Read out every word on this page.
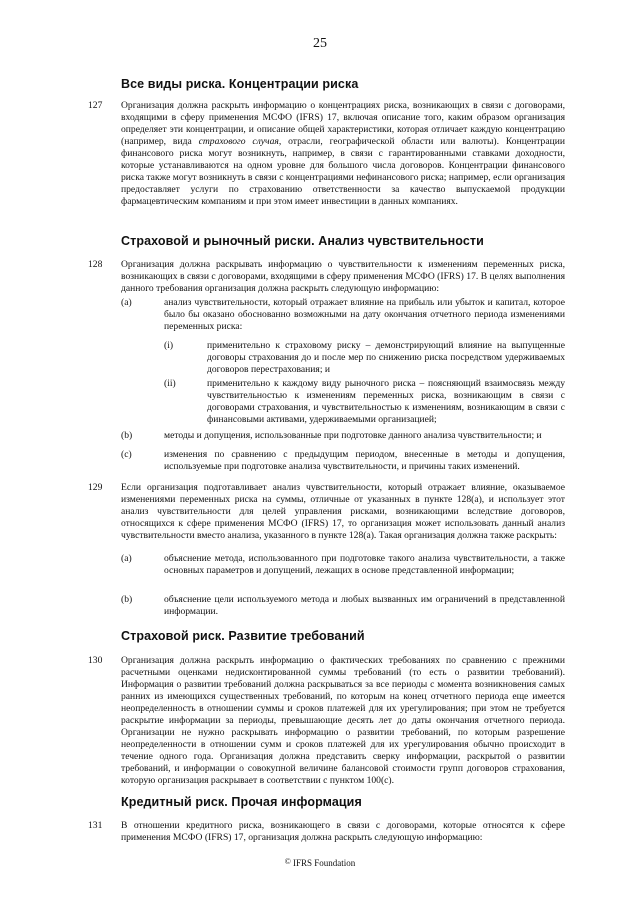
25
Все виды риска. Концентрации риска
127 Организация должна раскрыть информацию о концентрациях риска, возникающих в связи с договорами, входящими в сферу применения МСФО (IFRS) 17, включая описание того, каким образом организация определяет эти концентрации, и описание общей характеристики, которая отличает каждую концентрацию (например, вида страхового случая, отрасли, географической области или валюты). Концентрации финансового риска могут возникнуть, например, в связи с гарантированными ставками доходности, которые устанавливаются на одном уровне для большого числа договоров. Концентрации финансового риска также могут возникнуть в связи с концентрациями нефинансового риска; например, если организация предоставляет услуги по страхованию ответственности за качество выпускаемой продукции фармацевтическим компаниям и при этом имеет инвестиции в данных компаниях.
Страховой и рыночный риски. Анализ чувствительности
128 Организация должна раскрывать информацию о чувствительности к изменениям переменных риска, возникающих в связи с договорами, входящими в сферу применения МСФО (IFRS) 17. В целях выполнения данного требования организация должна раскрыть следующую информацию:
(a)	анализ чувствительности, который отражает влияние на прибыль или убыток и капитал, которое было бы оказано обоснованно возможными на дату окончания отчетного периода изменениями переменных риска:
(i)	применительно к страховому риску – демонстрирующий влияние на выпущенные договоры страхования до и после мер по снижению риска посредством удерживаемых договоров перестрахования; и
(ii)	применительно к каждому виду рыночного риска – поясняющий взаимосвязь между чувствительностью к изменениям переменных риска, возникающим в связи с договорами страхования, и чувствительностью к изменениям, возникающим в связи с финансовыми активами, удерживаемыми организацией;
(b)	методы и допущения, использованные при подготовке данного анализа чувствительности; и
(c)	изменения по сравнению с предыдущим периодом, внесенные в методы и допущения, используемые при подготовке анализа чувствительности, и причины таких изменений.
129 Если организация подготавливает анализ чувствительности, который отражает влияние, оказываемое изменениями переменных риска на суммы, отличные от указанных в пункте 128(a), и использует этот анализ чувствительности для целей управления рисками, возникающими вследствие договоров, относящихся к сфере применения МСФО (IFRS) 17, то организация может использовать данный анализ чувствительности вместо анализа, указанного в пункте 128(a). Такая организация должна также раскрыть:
(a)	объяснение метода, использованного при подготовке такого анализа чувствительности, а также основных параметров и допущений, лежащих в основе представленной информации;
(b)	объяснение цели используемого метода и любых вызванных им ограничений в представленной информации.
Страховой риск. Развитие требований
130 Организация должна раскрыть информацию о фактических требованиях по сравнению с прежними расчетными оценками недисконтированной суммы требований (то есть о развитии требований). Информация о развитии требований должна раскрываться за все периоды с момента возникновения самых ранних из имеющихся существенных требований, по которым на конец отчетного периода еще имеется неопределенность в отношении суммы и сроков платежей для их урегулирования; при этом не требуется раскрытие информации за периоды, превышающие десять лет до даты окончания отчетного периода. Организации не нужно раскрывать информацию о развитии требований, по которым разрешение неопределенности в отношении сумм и сроков платежей для их урегулирования обычно происходит в течение одного года. Организация должна представить сверку информации, раскрытой о развитии требований, и информации о совокупной величине балансовой стоимости групп договоров страхования, которую организация раскрывает в соответствии с пунктом 100(c).
Кредитный риск. Прочая информация
131 В отношении кредитного риска, возникающего в связи с договорами, которые относятся к сфере применения МСФО (IFRS) 17, организация должна раскрыть следующую информацию:
© IFRS Foundation
